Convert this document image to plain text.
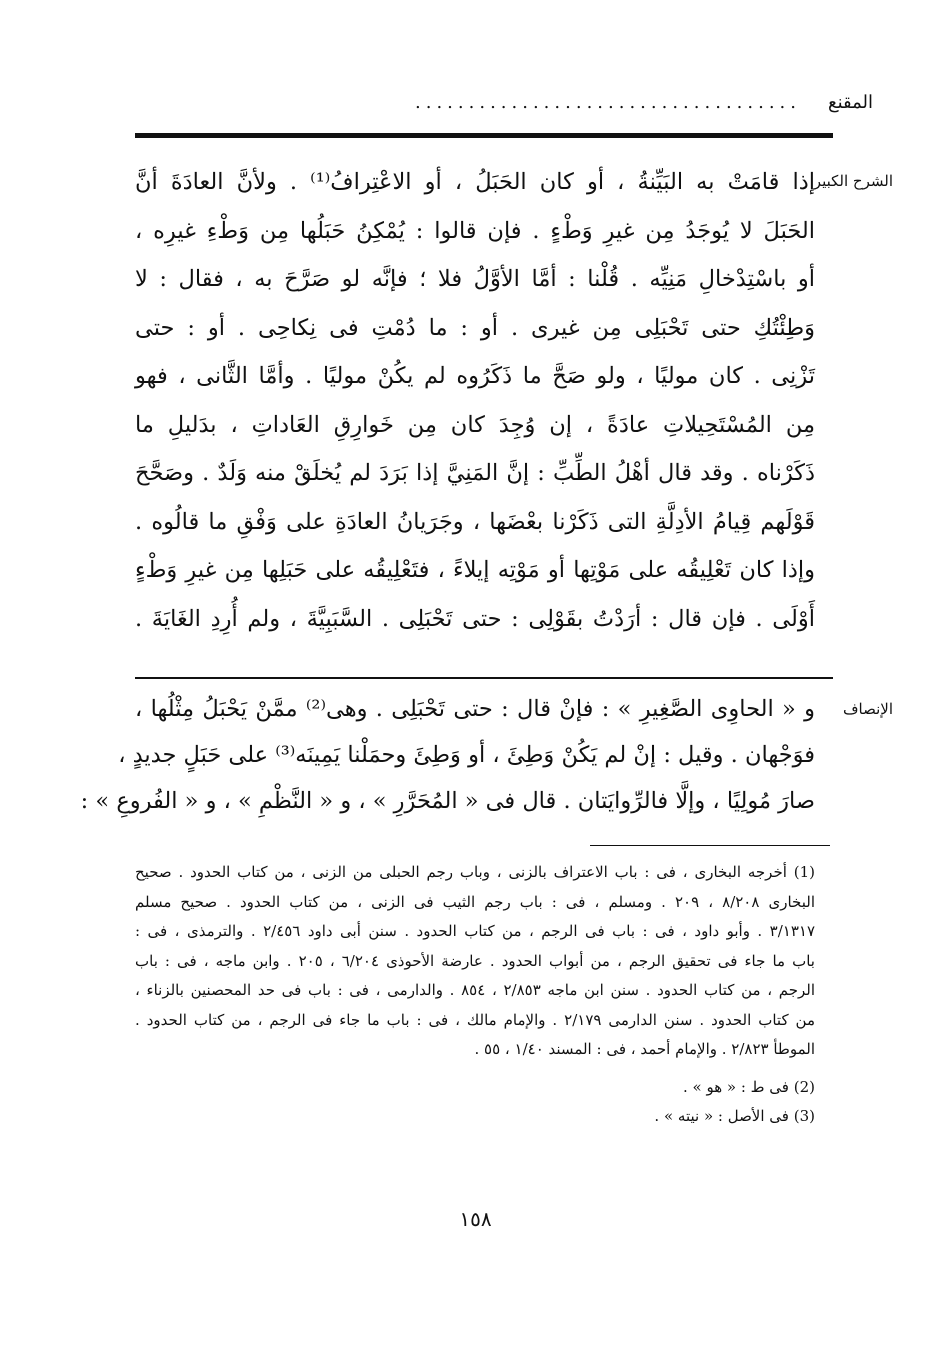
المقنع
....................................
الشرح الكبير
إذا قامَتْ به البَيِّنةُ ، أو كان الحَبَلُ ، أو الاعْتِرافُ⁽¹⁾ . ولأنَّ العادَةَ أنَّ
الحَبَلَ لا يُوجَدُ مِن غيرِ وَطْءٍ . فإن قالوا : يُمْكِنُ حَبَلُها مِن وَطْءِ غيرِه ،
أو باسْتِدْخالِ مَنِيِّه . قُلْنا : أمَّا الأوَّلُ فلا ؛ فإنَّه لو صَرَّحَ به ، فقال : لا
وَطِئْتُكِ حتى تَحْبَلِى مِن غيرى . أو : ما دُمْتِ فى نِكاحِى . أو : حتى
تَزْنِى . كان موليًا ، ولو صَحَّ ما ذَكَرُوه لم يكُنْ موليًا . وأمَّا الثَّانى ، فهو
مِن المُسْتَحِيلاتِ عادَةً ، إن وُجِدَ كان مِن خَوارِقِ العَاداتِ ، بدَليلِ ما
ذَكَرْناه . وقد قال أهْلُ الطِّبِّ : إنَّ المَنِيَّ إذا بَرَدَ لم يُخلَقْ منه وَلَدٌ . وصَحَّحَ
قَوْلَهم قِيامُ الأدِلَّةِ التى ذَكَرْنا بعْضَها ، وجَرَيانُ العادَةِ على وَفْقِ ما قالُوه .
وإذا كان تَعْلِيقُه على مَوْتِها أو مَوْتِه إيلاءً ، فتَعْلِيقُه على حَبَلِها مِن غيرِ وَطْءٍ
أَوْلَى . فإن قال : أرَدْتُ بقَوْلِى : حتى تَحْبَلِى . السَّبَبِيَّةَ ، ولم أُرِدِ الغَايَةَ .
الإنصاف
و « الحاوِى الصَّغِيرِ » : فإنْ قال : حتى تَحْبَلِى . وهى⁽²⁾ ممَّنْ يَحْبَلُ مِثْلُها ،
فوَجْهان . وقيل : إنْ لم يَكُنْ وَطِئَ ، أو وَطِئَ وحمَلْنا يَمِينَه⁽³⁾ على حَبَلٍ جديدٍ ،
صارَ مُولِيًا ، وإلَّا فالرِّوايَتان . قال فى « المُحَرَّرِ » ، و « النَّظْمِ » ، و « الفُروعِ » :
(1) أخرجه البخارى ، فى : باب الاعتراف بالزنى ، وباب رجم الحبلى من الزنى ، من كتاب الحدود . صحيح
البخارى ٨/٢٠٨ ، ٢٠٩ . ومسلم ، فى : باب رجم الثيب فى الزنى ، من كتاب الحدود . صحيح مسلم
٣/١٣١٧ . وأبو داود ، فى : باب فى الرجم ، من كتاب الحدود . سنن أبى داود ٢/٤٥٦ . والترمذى ، فى :
باب ما جاء فى تحقيق الرجم ، من أبواب الحدود . عارضة الأحوذى ٦/٢٠٤ ، ٢٠٥ . وابن ماجه ، فى : باب
الرجم ، من كتاب الحدود . سنن ابن ماجه ٢/٨٥٣ ، ٨٥٤ . والدارمى ، فى : باب فى حد المحصنين بالزناء ،
من كتاب الحدود . سنن الدارمى ٢/١٧٩ . والإمام مالك ، فى : باب ما جاء فى الرجم ، من كتاب الحدود .
الموطأ ٢/٨٢٣ . والإمام أحمد ، فى : المسند ١/٤٠ ، ٥٥ .
(2) فى ط : « هو » .
(3) فى الأصل : « نيته » .
١٥٨
